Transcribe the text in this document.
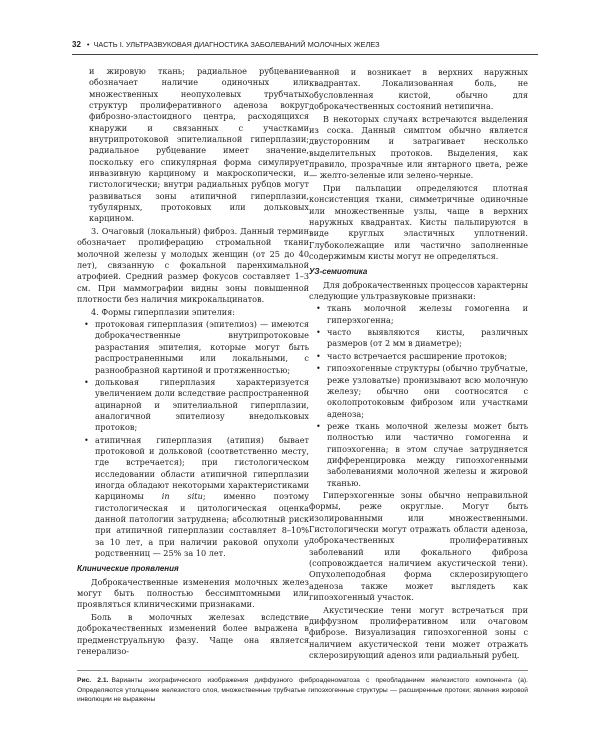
32 • ЧАСТЬ I. УЛЬТРАЗВУКОВАЯ ДИАГНОСТИКА ЗАБОЛЕВАНИЙ МОЛОЧНЫХ ЖЕЛЕЗ

и жировую ткань; радиальное рубцевание обозначает наличие одиночных или множественных неопухолевых трубчатых структур пролиферативного аденоза вокруг фиброзно-эластоидного центра, расходящихся кнаружи и связанных с участками внутрипротоковой эпителиальной гиперплазии; радиальное рубцевание имеет значение, поскольку его спикулярная форма симулирует инвазивную карциному и макроскопически, и гистологически; внутри радиальных рубцов могут развиваться зоны атипичной гиперплазии, тубулярных, протоковых или дольковых карцином.

3. Очаговый (локальный) фиброз. Данный термин обозначает пролиферацию стромальной ткани молочной железы у молодых женщин (от 25 до 40 лет), связанную с фокальной паренхимальной атрофией. Средний размер фокусов составляет 1–3 см. При маммографии видны зоны повышенной плотности без наличия микрокальцинатов.

4. Формы гиперплазии эпителия:

• протоковая гиперплазия (эпителиоз) — имеются доброкачественные внутрипротоковые разрастания эпителия, которые могут быть распространенными или локальными, с разнообразной картиной и протяженностью;

• дольковая гиперплазия характеризуется увеличением доли вследствие распространенной ацинарной и эпителиальной гиперплазии, аналогичной эпителиозу внедольковых протоков;

• атипичная гиперплазия (атипия) бывает протоковой и дольковой (соответственно месту, где встречается); при гистологическом исследовании области атипичной гиперплазии иногда обладают некоторыми характеристиками карциномы in situ; именно поэтому гистологическая и цитологическая оценка данной патологии затруднена; абсолютный риск при атипичной гиперплазии составляет 8–10% за 10 лет, а при наличии раковой опухоли у родственниц — 25% за 10 лет.

Клинические проявления

Доброкачественные изменения молочных желез могут быть полностью бессимптомными или проявляться клиническими признаками.

Боль в молочных железах вследствие доброкачественных изменений более выражена в предменструальную фазу. Чаще она является генерализо-

ванной и возникает в верхних наружных квадрантах. Локализованная боль, не обусловленная кистой, обычно для доброкачественных состояний нетипична.

В некоторых случаях встречаются выделения из соска. Данный симптом обычно является двусторонним и затрагивает несколько выделительных протоков. Выделения, как правило, прозрачные или янтарного цвета, реже — желто-зеленые или зелено-черные.

При пальпации определяются плотная консистенция ткани, симметричные одиночные или множественные узлы, чаще в верхних наружных квадрантах. Кисты пальпируются в виде круглых эластичных уплотнений. Глубоколежащие или частично заполненные содержимым кисты могут не определяться.

УЗ-семиотика

Для доброкачественных процессов характерны следующие ультразвуковые признаки:

• ткань молочной железы гомогенна и гиперэхогенна;

• часто выявляются кисты, различных размеров (от 2 мм в диаметре);

• часто встречается расширение протоков;

• гипоэхогенные структуры (обычно трубчатые, реже узловатые) пронизывают всю молочную железу; обычно они соотносятся с околопротоковым фиброзом или участками аденоза;

• реже ткань молочной железы может быть полностью или частично гомогенна и гипоэхогенна; в этом случае затрудняется дифференцировка между гипоэхогенными заболеваниями молочной железы и жировой тканью.

Гиперэхогенные зоны обычно неправильной формы, реже округлые. Могут быть изолированными или множественными. Гистологически могут отражать области аденоза, доброкачественных пролиферативных заболеваний или фокального фиброза (сопровождается наличием акустической тени). Опухолеподобная форма склерозирующего аденоза также может выглядеть как гипоэхогенный участок.

Акустические тени могут встречаться при диффузном пролиферативном или очаговом фиброзе. Визуализация гипоэхогенной зоны с наличием акустической тени может отражать склерозирующий аденоз или радиальный рубец.

Рис. 2.1. Варианты эхографического изображения диффузного фиброаденоматоза с преобладанием железистого компонента (а). Определяются утолщение железистого слоя, множественные трубчатые гипоэхогенные структуры — расширенные протоки; явления жировой инволюции не выражены
